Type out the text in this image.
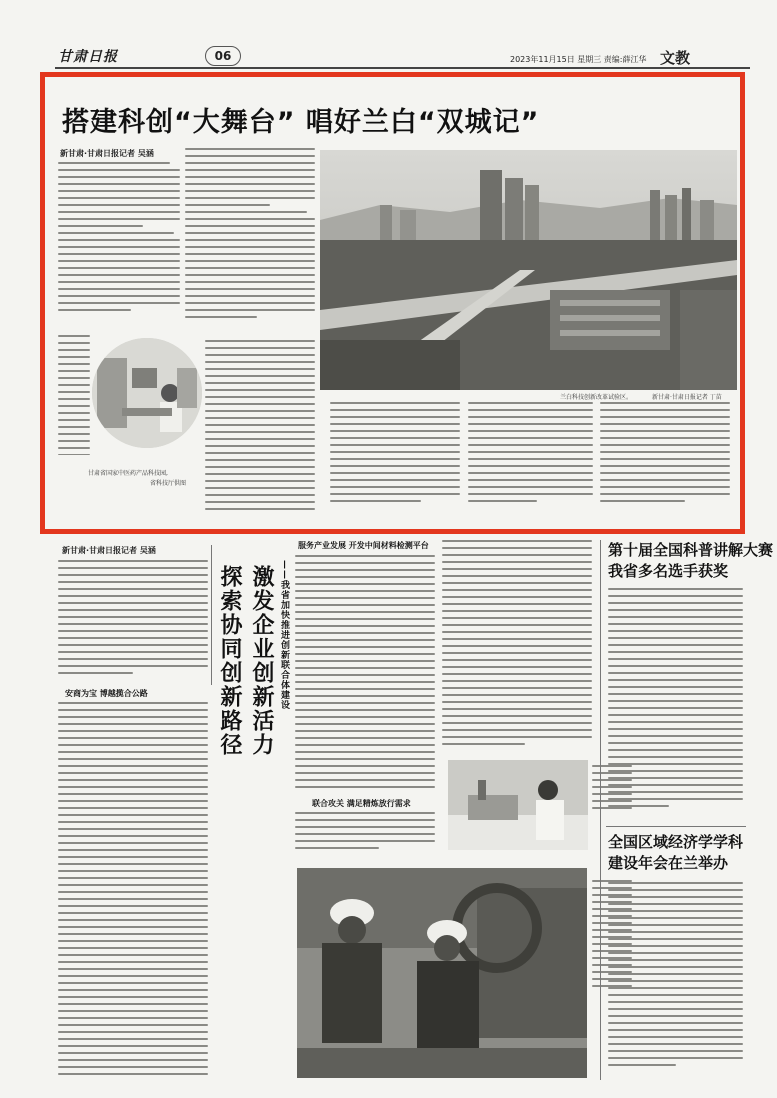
甘肃日报	06	2023年11月15日 星期三 责编:薛江华 文教
搭建科创“大舞台” 唱好兰白“双城记”
新甘肃·甘肃日报记者 吴涵
兰白科技创新改革试验区。	新甘肃·甘肃日报记者 丁苗
甘肃省国家中医药产品科技园,
省科技厅供图
新甘肃·甘肃日报记者 吴涵
探索协同创新路径 激发企业创新活力 ——我省加快推进创新联合体建设
安商为宝 博越揽合公路
服务产业发展 开发中间材料检测平台
联合攻关 满足精炼放行需求
第十届全国科普讲解大赛
我省多名选手获奖
全国区域经济学学科
建设年会在兰举办
